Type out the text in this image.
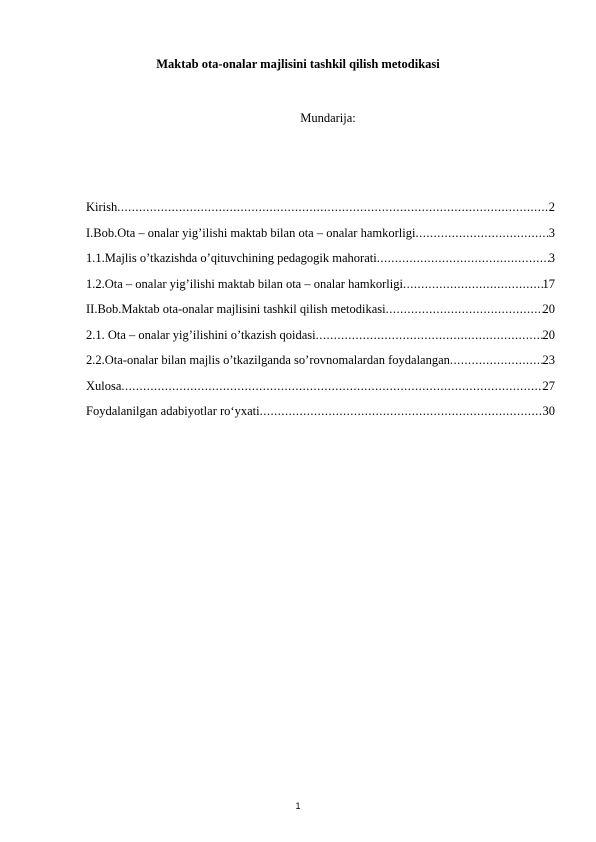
Maktab ota-onalar majlisini tashkil qilish metodikasi
Mundarija:
Kirish .....	2
I.Bob.Ota – onalar yig’ilishi maktab bilan ota – onalar hamkorligi .....	3
1.1.Majlis o’tkazishda o’qituvchining pedagogik mahorati .....	3
1.2.Ota – onalar yig’ilishi maktab bilan ota – onalar hamkorligi .....	17
II.Bob.Maktab ota-onalar majlisini tashkil qilish metodikasi .....	20
2.1. Ota – onalar yig’ilishini o’tkazish qoidasi .....	20
2.2.Ota-onalar bilan majlis o’tkazilganda so’rovnomalardan foydalangan .....	23
Xulosa .....	27
Foydalanilgan adabiyotlar ro‘yxati .....	30
1
